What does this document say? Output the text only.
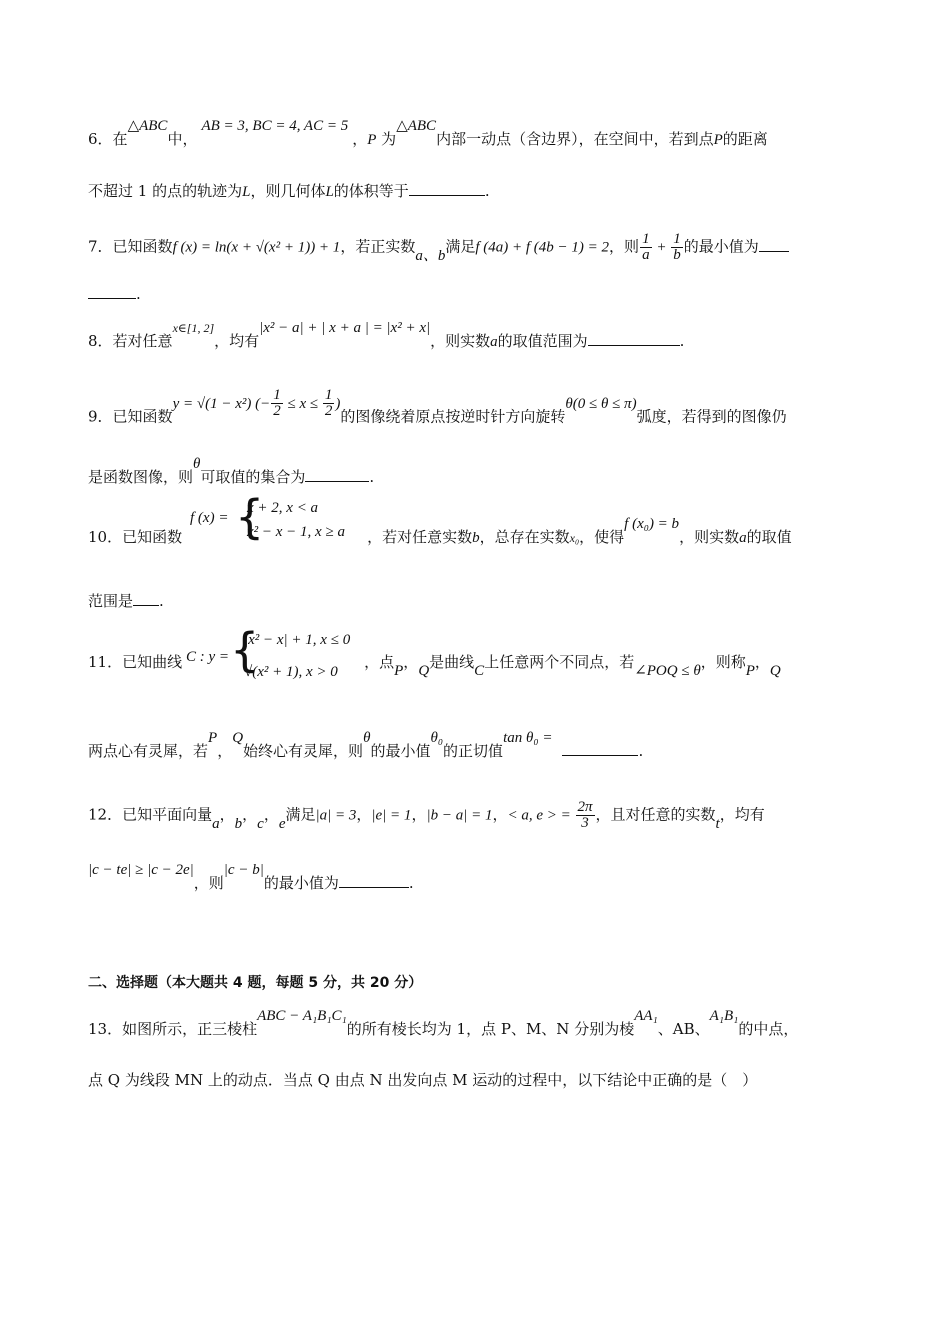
6．在△ABC中，AB = 3, BC = 4, AC = 5，P 为△ABC内部一动点（含边界），在空间中，若到点P的距离
不超过 1 的点的轨迹为L，则几何体L的体积等于	.
7．已知函数f (x) = ln(x + √(x² + 1)) + 1，若正实数a、b满足f (4a) + f (4b − 1) = 2，则 $\frac{1}{a} + \frac{1}{b}$ 的最小值为
.
8．若对任意$^{x\in[1, 2]}$，均有|x² − a| + | x + a | = |x² + x|，则实数a的取值范围为	.
9．已知函数y = √(1 − x²) (− $\frac{1}{2} \le x \le \frac{1}{2}$ )的图像绕着原点按逆时针方向旋转θ(0 ≤ θ ≤ π)弧度，若得到的图像仍
是函数图像，则θ可取值的集合为	.
f (x) = {
x + 2, x < a
x² − x − 1, x ≥ a
10．已知函数	，若对任意实数b，总存在实数x₀，使得f (x₀) = b，则实数a的取值
范围是 .
C : y = {
|x² − x| + 1, x ≤ 0
√(x² + 1), x > 0
11．已知曲线	，点P，Q是曲线C上任意两个不同点，若∠POQ ≤ θ，则称P，Q
两点心有灵犀，若P，Q始终心有灵犀，则θ的最小值θ₀的正切值tan θ₀ =.
12．已知平面向量a，b，c，e满足|a| = 3，|e| = 1，|b − a| = 1，< a, e > = $\frac{2\pi}{3}$ ，且对任意的实数t，均有
|c − te| ≥ |c − 2e|，则|c − b|的最小值为	.
二、选择题（本大题共 4 题，每题 5 分，共 20 分）
13．如图所示，正三棱柱ABC − A₁B₁C₁的所有棱长均为 1，点 P、M、N 分别为棱AA₁、AB、A₁B₁的中点，
点 Q 为线段 MN 上的动点．当点 Q 由点 N 出发向点 M 运动的过程中，以下结论中正确的是（　）
